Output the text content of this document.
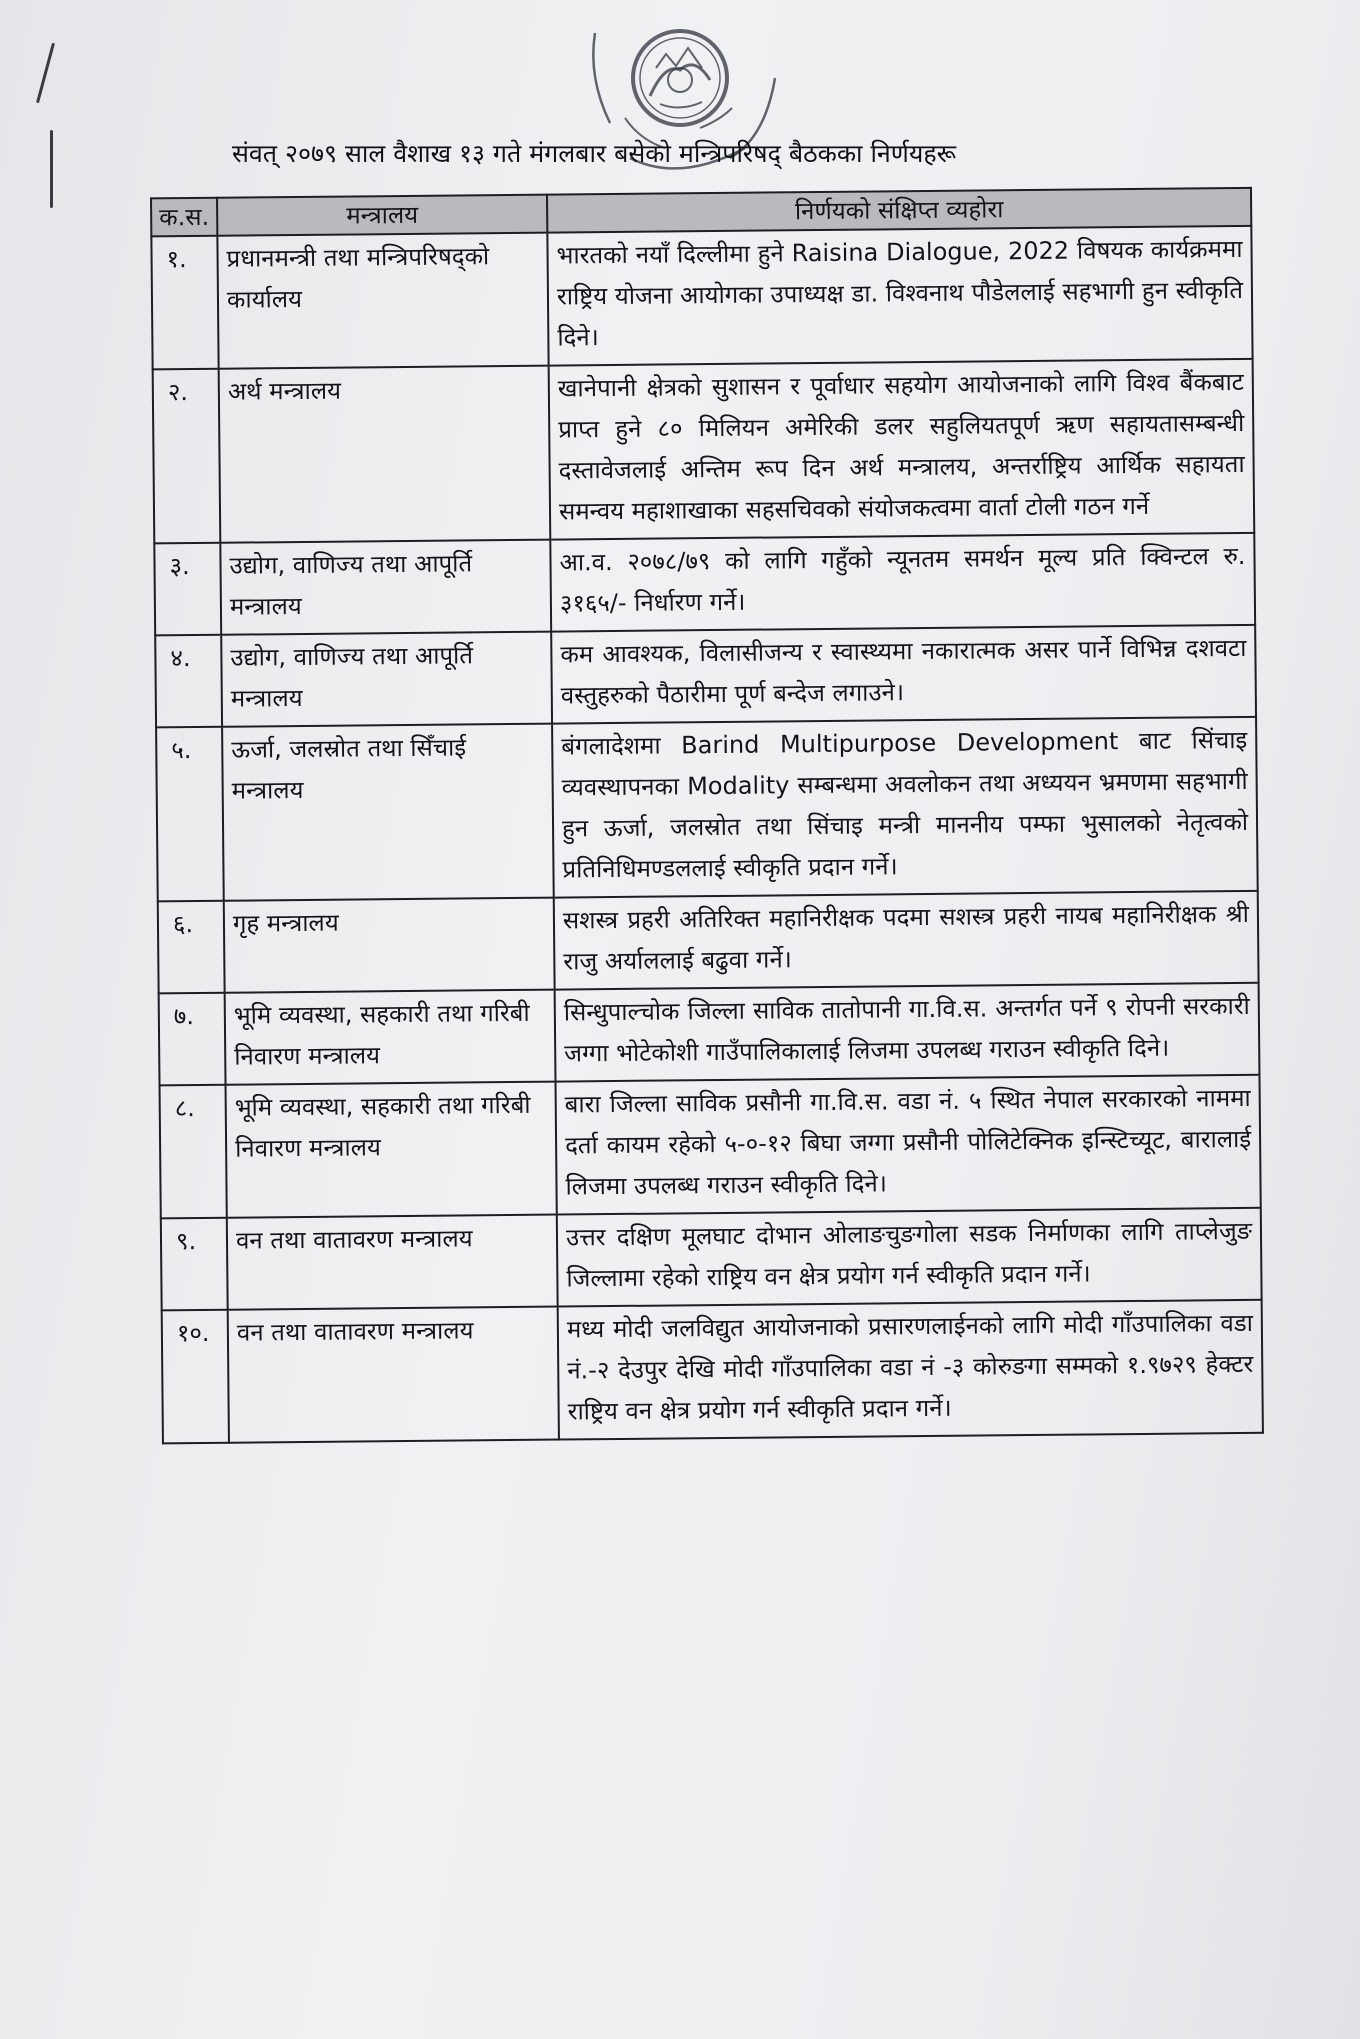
संवत् २०७९ साल वैशाख १३ गते मंगलबार बसेको मन्त्रिपरिषद् बैठकका निर्णयहरू
क.स.	मन्त्रालय	निर्णयको संक्षिप्त व्यहोरा
१.	प्रधानमन्त्री तथा मन्त्रिपरिषद्को कार्यालय	भारतको नयाँ दिल्लीमा हुने Raisina Dialogue, 2022 विषयक कार्यक्रममा राष्ट्रिय योजना आयोगका उपाध्यक्ष डा. विश्वनाथ पौडेललाई सहभागी हुन स्वीकृति दिने।
२.	अर्थ मन्त्रालय	खानेपानी क्षेत्रको सुशासन र पूर्वाधार सहयोग आयोजनाको लागि विश्व बैंकबाट प्राप्त हुने ८० मिलियन अमेरिकी डलर सहुलियतपूर्ण ऋण सहायतासम्बन्धी दस्तावेजलाई अन्तिम रूप दिन अर्थ मन्त्रालय, अन्तर्राष्ट्रिय आर्थिक सहायता समन्वय महाशाखाका सहसचिवको संयोजकत्वमा वार्ता टोली गठन गर्ने
३.	उद्योग, वाणिज्य तथा आपूर्ति मन्त्रालय	आ.व. २०७८/७९ को लागि गहुँको न्यूनतम समर्थन मूल्य प्रति क्विन्टल रु. ३१६५/- निर्धारण गर्ने।
४.	उद्योग, वाणिज्य तथा आपूर्ति मन्त्रालय	कम आवश्यक, विलासीजन्य र स्वास्थ्यमा नकारात्मक असर पार्ने विभिन्न दशवटा वस्तुहरुको पैठारीमा पूर्ण बन्देज लगाउने।
५.	ऊर्जा, जलस्रोत तथा सिँचाई मन्त्रालय	बंगलादेशमा Barind Multipurpose Development बाट सिंचाइ व्यवस्थापनका Modality सम्बन्धमा अवलोकन तथा अध्ययन भ्रमणमा सहभागी हुन ऊर्जा, जलस्रोत तथा सिंचाइ मन्त्री माननीय पम्फा भुसालको नेतृत्वको प्रतिनिधिमण्डललाई स्वीकृति प्रदान गर्ने।
६.	गृह मन्त्रालय	सशस्त्र प्रहरी अतिरिक्त महानिरीक्षक पदमा सशस्त्र प्रहरी नायब महानिरीक्षक श्री राजु अर्याललाई बढुवा गर्ने।
७.	भूमि व्यवस्था, सहकारी तथा गरिबी निवारण मन्त्रालय	सिन्धुपाल्चोक जिल्ला साविक तातोपानी गा.वि.स. अन्तर्गत पर्ने ९ रोपनी सरकारी जग्गा भोटेकोशी गाउँपालिकालाई लिजमा उपलब्ध गराउन स्वीकृति दिने।
८.	भूमि व्यवस्था, सहकारी तथा गरिबी निवारण मन्त्रालय	बारा जिल्ला साविक प्रसौनी गा.वि.स. वडा नं. ५ स्थित नेपाल सरकारको नाममा दर्ता कायम रहेको ५-०-१२ बिघा जग्गा प्रसौनी पोलिटेक्निक इन्स्टिच्यूट, बारालाई लिजमा उपलब्ध गराउन स्वीकृति दिने।
९.	वन तथा वातावरण मन्त्रालय	उत्तर दक्षिण मूलघाट दोभान ओलाङचुङगोला सडक निर्माणका लागि ताप्लेजुङ जिल्लामा रहेको राष्ट्रिय वन क्षेत्र प्रयोग गर्न स्वीकृति प्रदान गर्ने।
१०.	वन तथा वातावरण मन्त्रालय	मध्य मोदी जलविद्युत आयोजनाको प्रसारणलाईनको लागि मोदी गाँउपालिका वडा नं.-२ देउपुर देखि मोदी गाँउपालिका वडा नं -३ कोरुङगा सम्मको १.९७२९ हेक्टर राष्ट्रिय वन क्षेत्र प्रयोग गर्न स्वीकृति प्रदान गर्ने।
